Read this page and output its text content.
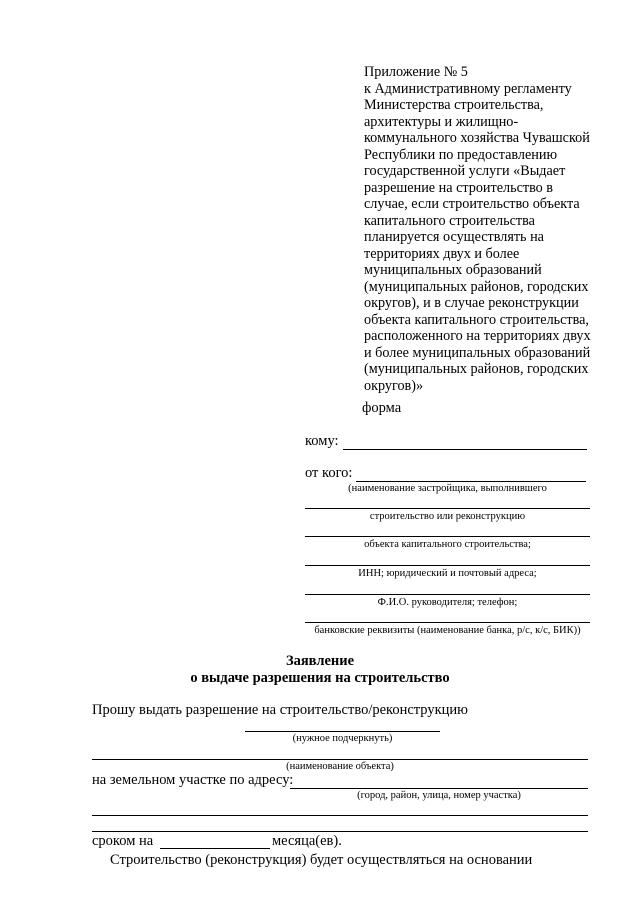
Приложение № 5
к Административному регламенту
Министерства строительства,
архитектуры и жилищно-
коммунального хозяйства Чувашской
Республики по предоставлению
государственной услуги «Выдает
разрешение на строительство в
случае, если строительство объекта
капитального строительства
планируется осуществлять на
территориях двух и более
муниципальных образований
(муниципальных районов, городских
округов), и в случае реконструкции
объекта капитального строительства,
расположенного на территориях двух
и более муниципальных образований
(муниципальных районов, городских
округов)»
форма
кому:
от кого:
(наименование застройщика, выполнившего
строительство или реконструкцию
объекта капитального строительства;
ИНН; юридический и почтовый адреса;
Ф.И.О. руководителя; телефон;
банковские реквизиты (наименование банка, р/с, к/с, БИК))
Заявление
о выдаче разрешения на строительство
Прошу выдать разрешение на строительство/реконструкцию
(нужное подчеркнуть)
(наименование объекта)
на земельном участке по адресу:
(город, район, улица, номер участка)
сроком на	месяца(ев).
Строительство (реконструкция) будет осуществляться на основании
